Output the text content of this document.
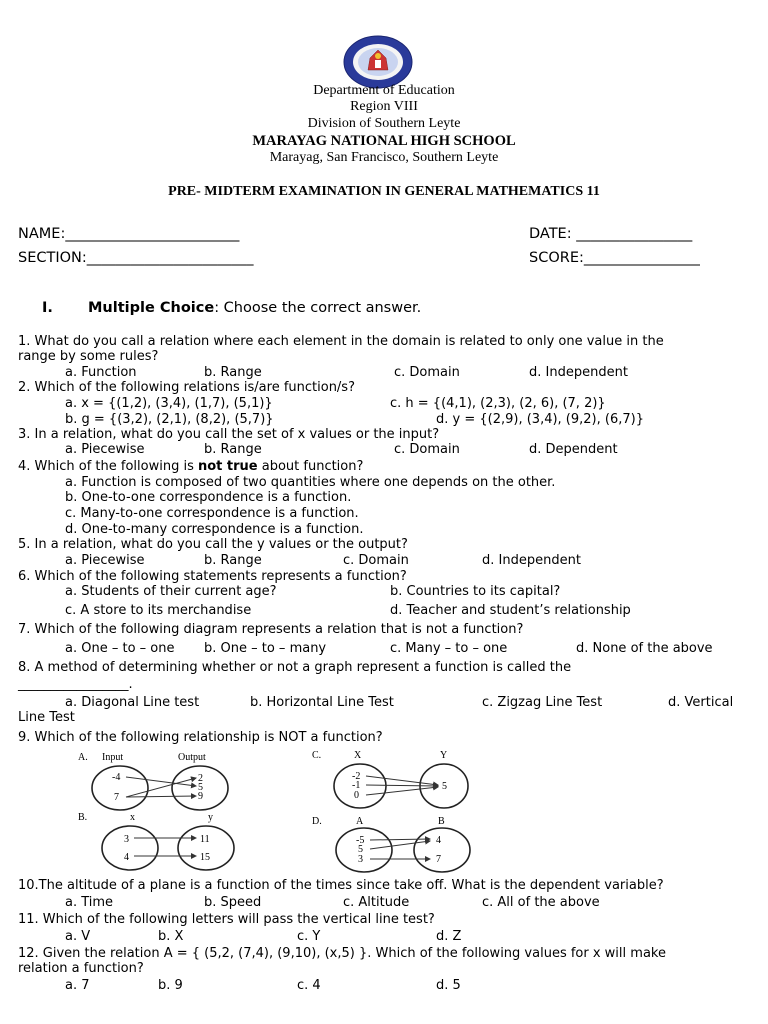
Department of Education
Region VIII
Division of Southern Leyte
MARAYAG NATIONAL HIGH SCHOOL
Marayag, San Francisco, Southern Leyte
PRE- MIDTERM EXAMINATION IN GENERAL MATHEMATICS 11
NAME:________________________	DATE: ________________
SECTION:_______________________	SCORE:________________
I. Multiple Choice: Choose the correct answer.
1. What do you call a relation where each element in the domain is related to only one value in the
range by some rules?
a. Function	b. Range	c. Domain	d. Independent
2. Which of the following relations is/are function/s?
a. x = {(1,2), (3,4), (1,7), (5,1)}	c. h = {(4,1), (2,3), (2, 6), (7, 2)}
b. g = {(3,2), (2,1), (8,2), (5,7)}	d. y = {(2,9), (3,4), (9,2), (6,7)}
3. In a relation, what do you call the set of x values or the input?
a. Piecewise	b. Range	c. Domain	d. Dependent
4. Which of the following is not true about function?
a. Function is composed of two quantities where one depends on the other.
b. One-to-one correspondence is a function.
c. Many-to-one correspondence is a function.
d. One-to-many correspondence is a function.
5. In a relation, what do you call the y values or the output?
a. Piecewise	b. Range	c. Domain	d. Independent
6. Which of the following statements represents a function?
a. Students of their current age?	b. Countries to its capital?
c. A store to its merchandise	d. Teacher and student’s relationship
7. Which of the following diagram represents a relation that is not a function?
a. One – to – one b. One – to – many	c. Many – to – one	d. None of the above
8. A method of determining whether or not a graph represent a function is called the
_________________.
a. Diagonal Line test	b. Horizontal Line Test	c. Zigzag Line Test	d. Vertical
Line Test
9. Which of the following relationship is NOT a function?
A. Input	Output
-4
7
2
5
9
C.	X	Y
-2
-1
0
5
B.	x	y
3
4
11
15
D.	A	B
-5
5
3
4
7
10.The altitude of a plane is a function of the times since take off. What is the dependent variable?
a. Time	b. Speed	c. Altitude	c. All of the above
11. Which of the following letters will pass the vertical line test?
a. V	b. X	c. Y	d. Z
12. Given the relation A = { (5,2, (7,4), (9,10), (x,5) }. Which of the following values for x will make
relation a function?
a. 7	b. 9	c. 4	d. 5
